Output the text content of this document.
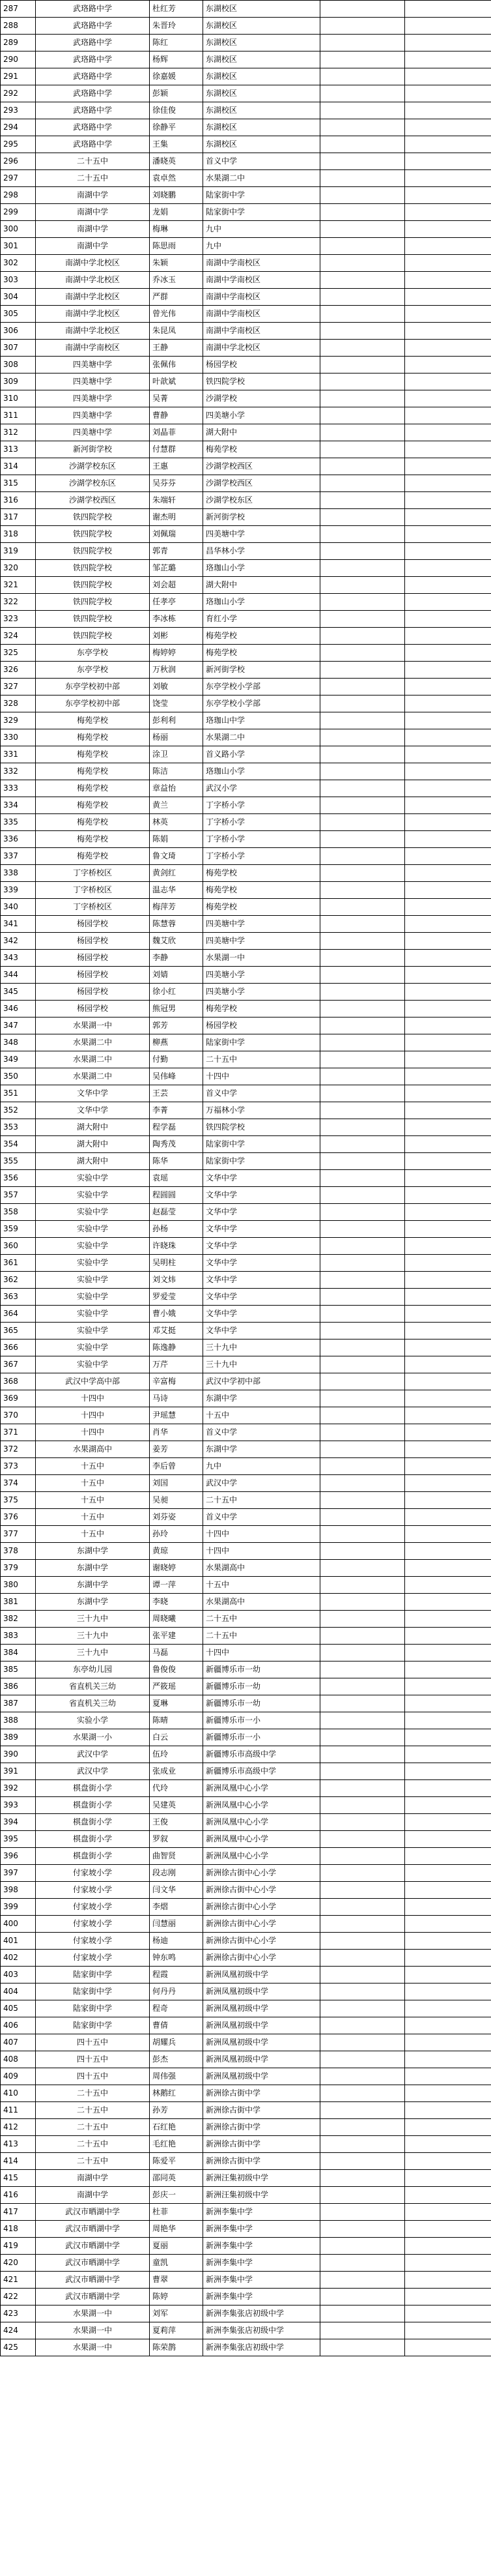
287	武珞路中学	杜红芳	东湖校区		
288	武珞路中学	朱晋玲	东湖校区		
289	武珞路中学	陈红	东湖校区		
290	武珞路中学	杨辉	东湖校区		
291	武珞路中学	徐嘉媛	东湖校区		
292	武珞路中学	彭颖	东湖校区		
293	武珞路中学	徐佳俊	东湖校区		
294	武珞路中学	徐静平	东湖校区		
295	武珞路中学	王集	东湖校区		
296	二十五中	潘晓英	首义中学		
297	二十五中	袁卓然	水果湖二中		
298	南湖中学	刘晓鹏	陆家街中学		
299	南湖中学	龙娟	陆家街中学		
300	南湖中学	梅琳	九中		
301	南湖中学	陈思雨	九中		
302	南湖中学北校区	朱颖	南湖中学南校区		
303	南湖中学北校区	乔冰玉	南湖中学南校区		
304	南湖中学北校区	严群	南湖中学南校区		
305	南湖中学北校区	曾光伟	南湖中学南校区		
306	南湖中学北校区	朱昆凤	南湖中学南校区		
307	南湖中学南校区	王静	南湖中学北校区		
308	四美塘中学	张佩伟	杨园学校		
309	四美塘中学	叶歆斌	铁四院学校		
310	四美塘中学	吴菁	沙湖学校		
311	四美塘中学	曹静	四美塘小学		
312	四美塘中学	刘晶菲	湖大附中		
313	新河街学校	付慧群	梅苑学校		
314	沙湖学校东区	王惠	沙湖学校西区		
315	沙湖学校东区	吴芬芬	沙湖学校西区		
316	沙湖学校西区	朱端轩	沙湖学校东区		
317	铁四院学校	谢杰明	新河街学校		
318	铁四院学校	刘佩瑞	四美塘中学		
319	铁四院学校	郭青	昌华林小学		
320	铁四院学校	邹芷璐	珞珈山小学		
321	铁四院学校	刘会超	湖大附中		
322	铁四院学校	任孝亭	珞珈山小学		
323	铁四院学校	李冰栋	育红小学		
324	铁四院学校	刘彬	梅苑学校		
325	东亭学校	梅婷婷	梅苑学校		
326	东亭学校	万秋润	新河街学校		
327	东亭学校初中部	刘敏	东亭学校小学部		
328	东亭学校初中部	饶莹	东亭学校小学部		
329	梅苑学校	彭利利	珞珈山中学		
330	梅苑学校	杨丽	水果湖二中		
331	梅苑学校	涂卫	首义路小学		
332	梅苑学校	陈洁	珞珈山小学		
333	梅苑学校	章益怡	武汉小学		
334	梅苑学校	黄兰	丁字桥小学		
335	梅苑学校	林英	丁字桥小学		
336	梅苑学校	陈娟	丁字桥小学		
337	梅苑学校	鲁文琦	丁字桥小学		
338	丁字桥校区	黄剑红	梅苑学校		
339	丁字桥校区	温志华	梅苑学校		
340	丁字桥校区	梅萍芳	梅苑学校		
341	杨园学校	陈慧蓉	四美塘中学		
342	杨园学校	魏艾欣	四美塘中学		
343	杨园学校	李静	水果湖一中		
344	杨园学校	刘婧	四美塘小学		
345	杨园学校	徐小红	四美塘小学		
346	杨园学校	熊冠男	梅苑学校		
347	水果湖一中	郭芳	杨园学校		
348	水果湖二中	柳燕	陆家街中学		
349	水果湖二中	付勤	二十五中		
350	水果湖二中	吴伟峰	十四中		
351	文华中学	王芸	首义中学		
352	文华中学	李菁	万福林小学		
353	湖大附中	程学磊	铁四院学校		
354	湖大附中	陶秀茂	陆家街中学		
355	湖大附中	陈华	陆家街中学		
356	实验中学	袁瑶	文华中学		
357	实验中学	程圆圆	文华中学		
358	实验中学	赵磊莹	文华中学		
359	实验中学	孙杨	文华中学		
360	实验中学	许晓珠	文华中学		
361	实验中学	吴明柱	文华中学		
362	实验中学	刘文炜	文华中学		
363	实验中学	罗爱莹	文华中学		
364	实验中学	曹小娥	文华中学		
365	实验中学	邓艾挺	文华中学		
366	实验中学	陈逸静	三十九中		
367	实验中学	万芹	三十九中		
368	武汉中学高中部	辛富梅	武汉中学初中部		
369	十四中	马诗	东湖中学		
370	十四中	尹瑶慧	十五中		
371	十四中	肖华	首义中学		
372	水果湖高中	姜芳	东湖中学		
373	十五中	李后曾	九中		
374	十五中	刘国	武汉中学		
375	十五中	吴昶	二十五中		
376	十五中	刘芬姿	首义中学		
377	十五中	孙玲	十四中		
378	东湖中学	黄琼	十四中		
379	东湖中学	谢晓婷	水果湖高中		
380	东湖中学	谭一萍	十五中		
381	东湖中学	李晓	水果湖高中		
382	三十九中	周晓曦	二十五中		
383	三十九中	张平建	二十五中		
384	三十九中	马磊	十四中		
385	东亭幼儿园	鲁俊俊	新疆博乐市一幼		
386	省直机关三幼	严筱瑶	新疆博乐市一幼		
387	省直机关三幼	夏琳	新疆博乐市一幼		
388	实验小学	陈晴	新疆博乐市一小		
389	水果湖一小	白云	新疆博乐市一小		
390	武汉中学	伍玲	新疆博乐市高级中学		
391	武汉中学	张成业	新疆博乐市高级中学		
392	棋盘街小学	代玲	新洲凤凰中心小学		
393	棋盘街小学	吴建英	新洲凤凰中心小学		
394	棋盘街小学	王俊	新洲凤凰中心小学		
395	棋盘街小学	罗叙	新洲凤凰中心小学		
396	棋盘街小学	曲智贤	新洲凤凰中心小学		
397	付家坡小学	段志刚	新洲徐古街中心小学		
398	付家坡小学	闫文华	新洲徐古街中心小学		
399	付家坡小学	李熠	新洲徐古街中心小学		
400	付家坡小学	闫慧丽	新洲徐古街中心小学		
401	付家坡小学	杨迪	新洲徐古街中心小学		
402	付家坡小学	钟东鸣	新洲徐古街中心小学		
403	陆家街中学	程霞	新洲凤凰初级中学		
404	陆家街中学	何丹丹	新洲凤凰初级中学		
405	陆家街中学	程奇	新洲凤凰初级中学		
406	陆家街中学	曹倩	新洲凤凰初级中学		
407	四十五中	胡耀兵	新洲凤凰初级中学		
408	四十五中	彭杰	新洲凤凰初级中学		
409	四十五中	周伟强	新洲凤凰初级中学		
410	二十五中	林鹅红	新洲徐古街中学		
411	二十五中	孙芳	新洲徐古街中学		
412	二十五中	石红艳	新洲徐古街中学		
413	二十五中	毛红艳	新洲徐古街中学		
414	二十五中	陈爱平	新洲徐古街中学		
415	南湖中学	邵同英	新洲汪集初级中学		
416	南湖中学	彭庆一	新洲汪集初级中学		
417	武汉市晒湖中学	杜菲	新洲李集中学		
418	武汉市晒湖中学	周艳华	新洲李集中学		
419	武汉市晒湖中学	夏丽	新洲李集中学		
420	武汉市晒湖中学	童凯	新洲李集中学		
421	武汉市晒湖中学	曹翠	新洲李集中学		
422	武汉市晒湖中学	陈婷	新洲李集中学		
423	水果湖一中	刘军	新洲李集张店初级中学		
424	水果湖一中	夏莉萍	新洲李集张店初级中学		
425	水果湖一中	陈荣鹊	新洲李集张店初级中学		
